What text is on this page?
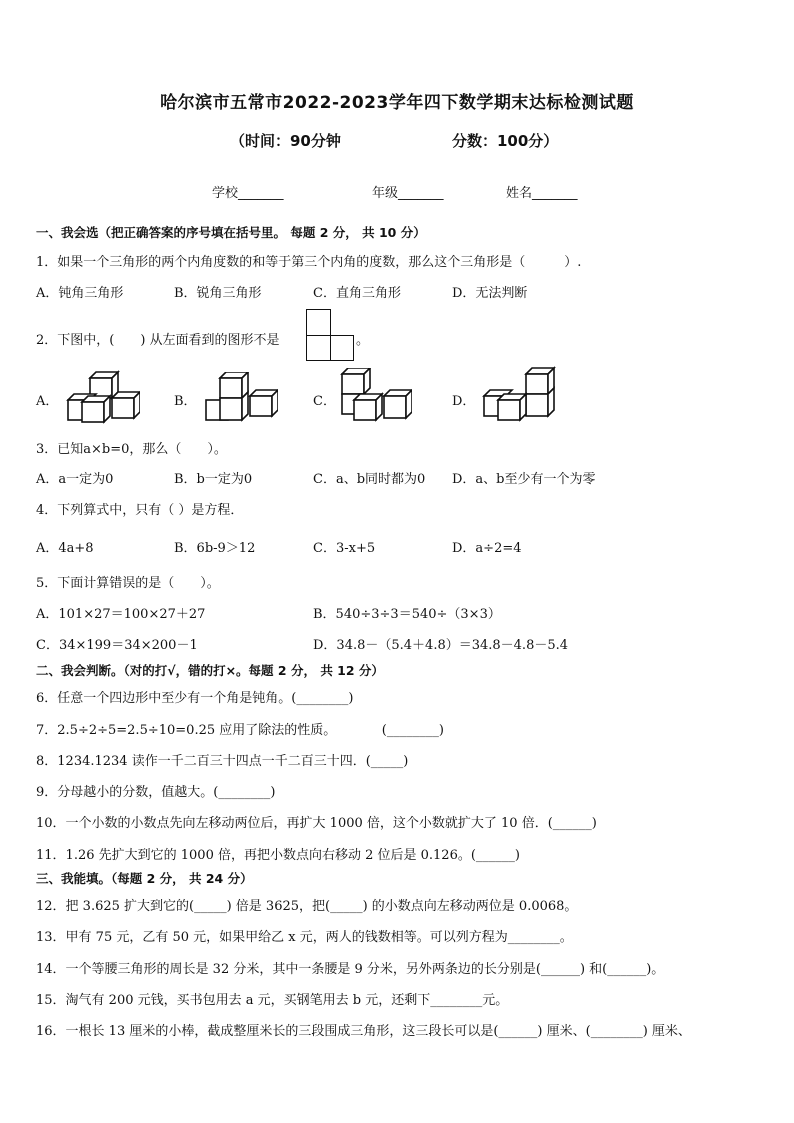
哈尔滨市五常市2022-2023学年四下数学期末达标检测试题
（时间：90分钟	分数：100分）
学校_______	年级_______	姓名_______
一、我会选（把正确答案的序号填在括号里。 每题 2 分， 共 10 分）
1．如果一个三角形的两个内角度数的和等于第三个内角的度数，那么这个三角形是（　　　）.
A．钝角三角形	B．锐角三角形	C．直角三角形	D．无法判断
2．下图中，(　　) 从左面看到的图形不是	。
A．	B．	C．	D．
3．已知a×b=0，那么（　　）。
A．a一定为0	B．b一定为0	C．a、b同时都为0 D．a、b至少有一个为零
4．下列算式中，只有（ ）是方程．
A．4a+8	B．6b-9＞12	C．3-x+5	D．a÷2=4
5．下面计算错误的是（　　）。
A．101×27＝100×27＋27	B．540÷3÷3＝540÷（3×3）
C．34×199＝34×200－1	D．34.8－（5.4＋4.8）＝34.8－4.8－5.4
二、我会判断。（对的打√，错的打×。每题 2 分， 共 12 分）
6．任意一个四边形中至少有一个角是钝角。(________)
7．2.5÷2÷5=2.5÷10=0.25 应用了除法的性质。　　　　(________)
8．1234.1234 读作一千二百三十四点一千二百三十四．(_____)
9．分母越小的分数，值越大。(________)
10．一个小数的小数点先向左移动两位后，再扩大 1000 倍，这个小数就扩大了 10 倍．(______)
11．1.26 先扩大到它的 1000 倍，再把小数点向右移动 2 位后是 0.126。(______)
三、我能填。（每题 2 分， 共 24 分）
12．把 3.625 扩大到它的(_____) 倍是 3625，把(_____) 的小数点向左移动两位是 0.0068。
13．甲有 75 元，乙有 50 元，如果甲给乙 x 元，两人的钱数相等。可以列方程为________。
14．一个等腰三角形的周长是 32 分米，其中一条腰是 9 分米，另外两条边的长分别是(______) 和(______)。
15．淘气有 200 元钱，买书包用去 a 元，买钢笔用去 b 元，还剩下________元。
16．一根长 13 厘米的小棒，截成整厘米长的三段围成三角形，这三段长可以是(______) 厘米、(________) 厘米、
